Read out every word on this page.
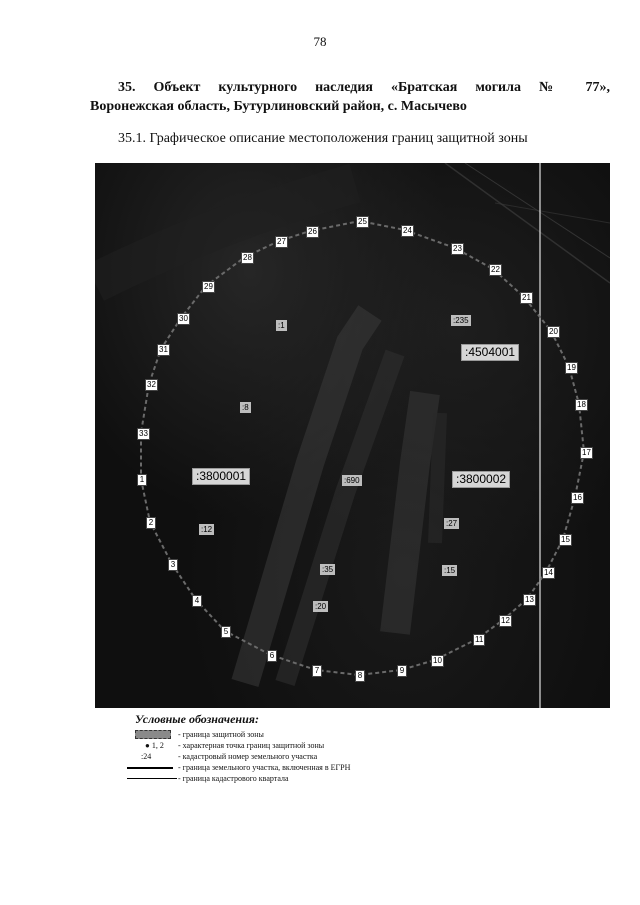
78
35. Объект культурного наследия «Братская могила № 77»,
Воронежская область, Бутурлиновский район, с. Масычево
35.1. Графическое описание местоположения границ защитной зоны
1
2
3
4
5
6
7
8
9
10
11
12
13
14
15
16
17
18
19
20
21
22
23
24
25
26
27
28
29
30
31
32
33
:1
:235
:4504001
:8
:3800001	:690	:3800002
:12
:27
:35	:15
:20
Условные обозначения:
- граница защитной зоны
● 1, 2 - характерная точка границ защитной зоны
:24	- кадастровый номер земельного участка
- граница земельного участка, включенная в ЕГРН
- граница кадастрового квартала
